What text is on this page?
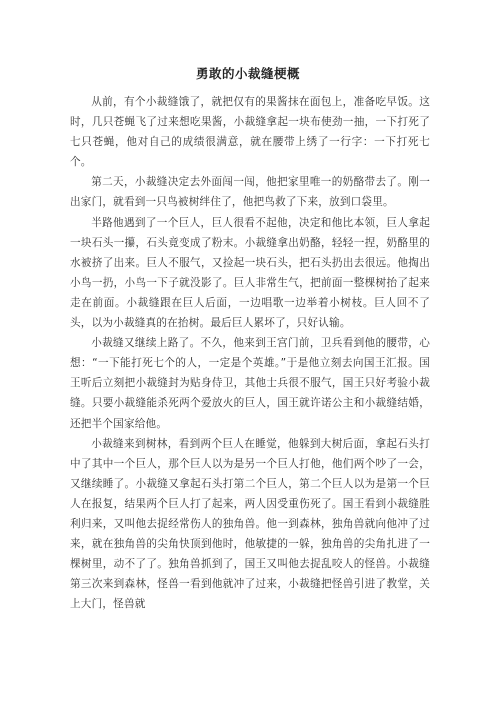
勇敢的小裁缝梗概

从前，有个小裁缝饿了，就把仅有的果酱抹在面包上，准备吃早饭。这时，几只苍蝇飞了过来想吃果酱，小裁缝拿起一块布使劲一抽，一下打死了七只苍蝇，他对自己的成绩很满意，就在腰带上绣了一行字：一下打死七个。

第二天，小裁缝决定去外面闯一闯，他把家里唯一的奶酪带去了。刚一出家门，就看到一只鸟被树绊住了，他把鸟救了下来，放到口袋里。

半路他遇到了一个巨人，巨人很看不起他，决定和他比本领，巨人拿起一块石头一攥，石头竟变成了粉末。小裁缝拿出奶酪，轻轻一捏，奶酪里的水被挤了出来。巨人不服气，又捡起一块石头，把石头扔出去很远。他掏出小鸟一扔，小鸟一下子就没影了。巨人非常生气，把前面一整棵树抬了起来走在前面。小裁缝跟在巨人后面，一边唱歌一边举着小树枝。巨人回不了头，以为小裁缝真的在抬树。最后巨人累坏了，只好认输。

小裁缝又继续上路了。不久，他来到王宫门前，卫兵看到他的腰带，心想：“一下能打死七个的人，一定是个英雄。”于是他立刻去向国王汇报。国王听后立刻把小裁缝封为贴身侍卫，其他士兵很不服气，国王只好考验小裁缝。只要小裁缝能杀死两个爱放火的巨人，国王就许诺公主和小裁缝结婚，还把半个国家给他。

小裁缝来到树林，看到两个巨人在睡觉，他躲到大树后面，拿起石头打中了其中一个巨人，那个巨人以为是另一个巨人打他，他们两个吵了一会，又继续睡了。小裁缝又拿起石头打第二个巨人，第二个巨人以为是第一个巨人在报复，结果两个巨人打了起来，两人因受重伤死了。国王看到小裁缝胜利归来，又叫他去捉经常伤人的独角兽。他一到森林，独角兽就向他冲了过来，就在独角兽的尖角快顶到他时，他敏捷的一躲，独角兽的尖角扎进了一棵树里，动不了了。独角兽抓到了，国王又叫他去捉乱咬人的怪兽。小裁缝第三次来到森林，怪兽一看到他就冲了过来，小裁缝把怪兽引进了教堂，关上大门，怪兽就
